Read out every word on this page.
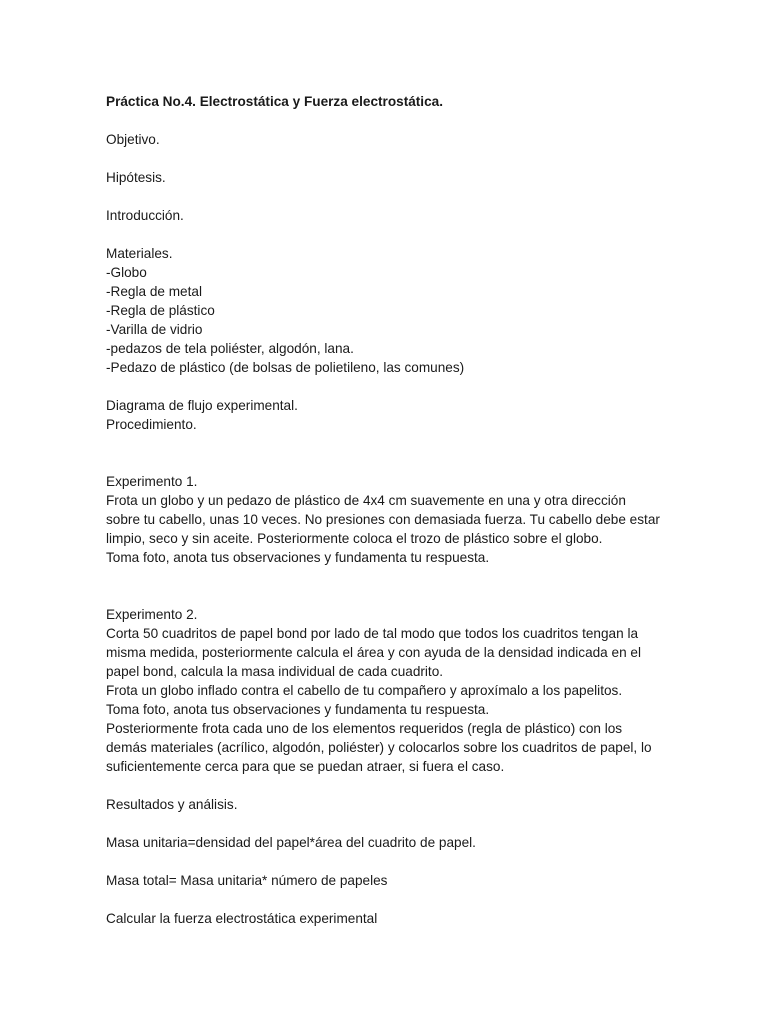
Práctica No.4. Electrostática y Fuerza electrostática.

Objetivo.

Hipótesis.

Introducción.

Materiales.

-Globo

-Regla de metal

-Regla de plástico

-Varilla de vidrio

-pedazos de tela poliéster, algodón, lana.

-Pedazo de plástico (de bolsas de polietileno, las comunes)

Diagrama de flujo experimental.

Procedimiento.

Experimento 1.

Frota un globo y un pedazo de plástico de 4x4 cm suavemente en una y otra dirección

sobre tu cabello, unas 10 veces. No presiones con demasiada fuerza. Tu cabello debe estar

limpio, seco y sin aceite. Posteriormente coloca el trozo de plástico sobre el globo.

Toma foto, anota tus observaciones y fundamenta tu respuesta.

Experimento 2.

Corta 50 cuadritos de papel bond por lado de tal modo que todos los cuadritos tengan la

misma medida, posteriormente calcula el área y con ayuda de la densidad indicada en el

papel bond, calcula la masa individual de cada cuadrito.

Frota un globo inflado contra el cabello de tu compañero y aproxímalo a los papelitos.

Toma foto, anota tus observaciones y fundamenta tu respuesta.

Posteriormente frota cada uno de los elementos requeridos (regla de plástico) con los

demás materiales (acrílico, algodón, poliéster) y colocarlos sobre los cuadritos de papel, lo

suficientemente cerca para que se puedan atraer, si fuera el caso.

Resultados y análisis.

Masa unitaria=densidad del papel*área del cuadrito de papel.

Masa total= Masa unitaria* número de papeles

Calcular la fuerza electrostática experimental
